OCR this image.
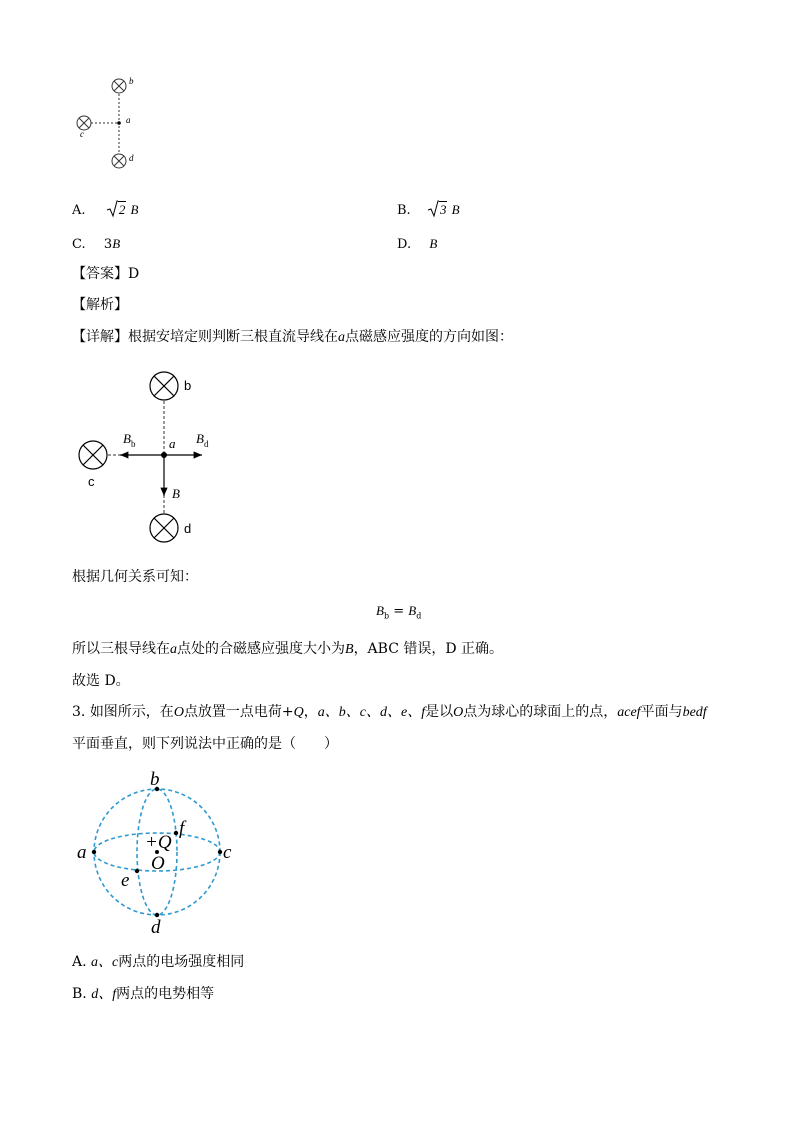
b
a
c
d
A.	2 B	B. 3 B
C. 3B	D. B
【答案】D
【解析】
【详解】根据安培定则判断三根直流导线在a点磁感应强度的方向如图：
b
c
d
a
$B_b$	$B_d$
B
根据几何关系可知：
$B_b = B_d$
所以三根导线在a点处的合磁感应强度大小为B，ABC 错误，D 正确。
故选 D。
3. 如图所示，在O点放置一点电荷+Q，a、b、c、d、e、f是以O点为球心的球面上的点，acef平面与bedf
平面垂直，则下列说法中正确的是（　　）
a	c
b
d
e
f
+Q
O
A. a、c两点的电场强度相同
B. d、f两点的电势相等
